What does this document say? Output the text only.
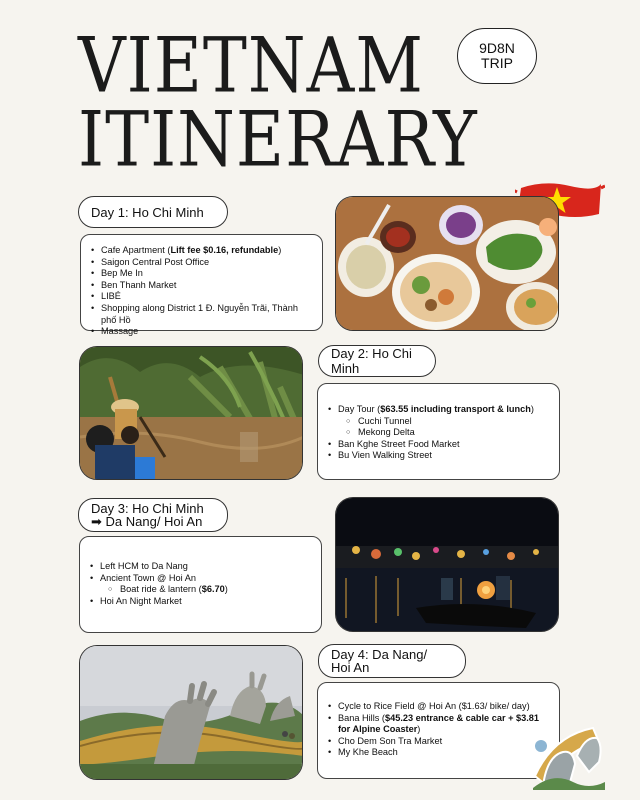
VIETNAM
ITINERARY
9D8N
TRIP
Day 1: Ho Chi Minh
• Cafe Apartment (Lift fee $0.16, refundable)
• Saigon Central Post Office
• Bep Me In
• Ben Thanh Market
• LIBÉ
• Shopping along District 1 Đ. Nguyễn Trãi, Thành phố Hồ
• Massage
Day 2: Ho Chi Minh
• Day Tour ($63.55 including transport & lunch)
○ Cuchi Tunnel
○ Mekong Delta
• Ban Kghe Street Food Market
• Bu Vien Walking Street
Day 3: Ho Chi Minh
➡ Da Nang/ Hoi An
• Left HCM to Da Nang
• Ancient Town @ Hoi An
○ Boat ride & lantern ($6.70)
• Hoi An Night Market
Day 4: Da Nang/
Hoi An
• Cycle to Rice Field @ Hoi An ($1.63/ bike/ day)
• Bana Hills ($45.23 entrance & cable car + $3.81 for Alpine Coaster)
• Cho Dem Son Tra Market
• My Khe Beach
